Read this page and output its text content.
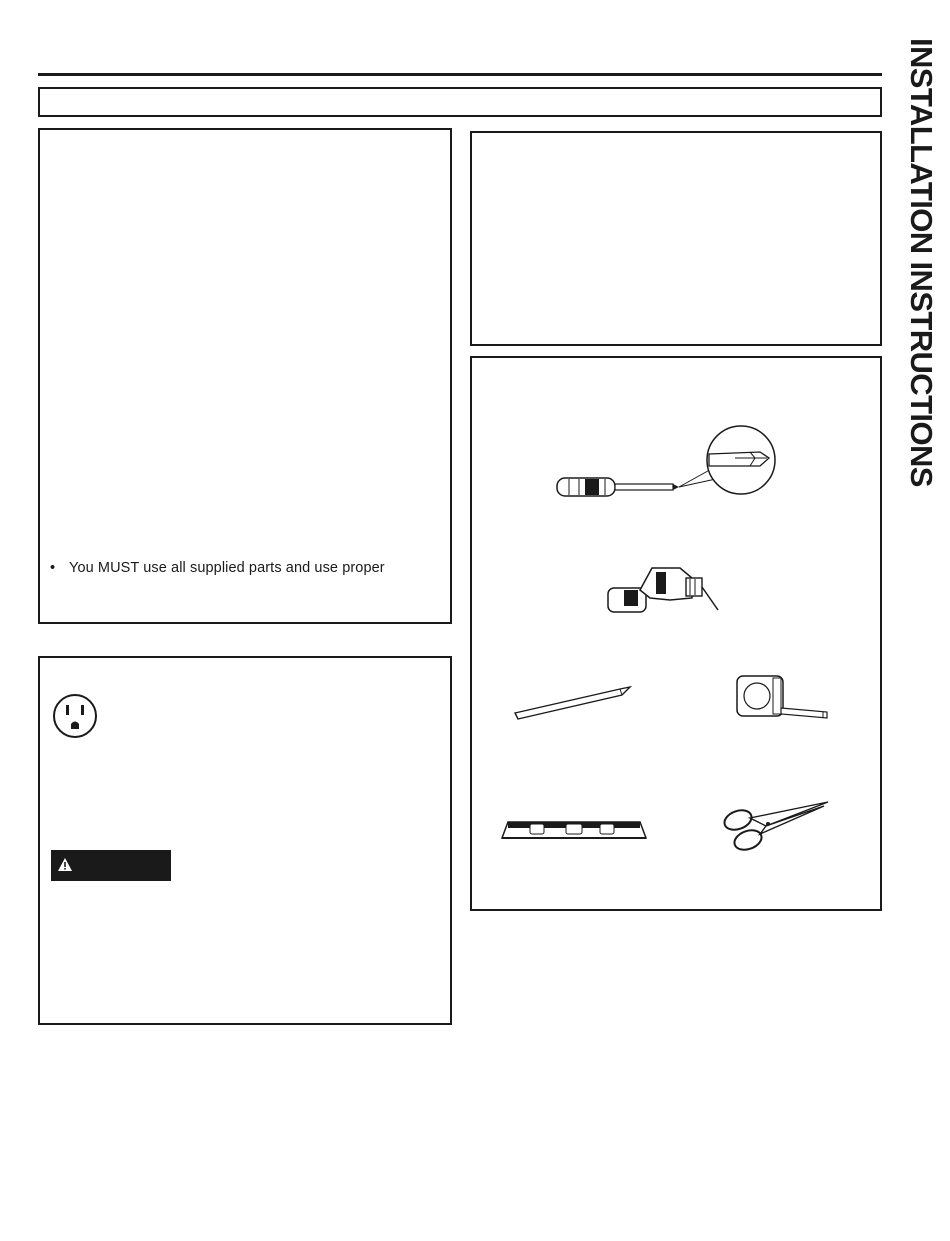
INSTALLATION INSTRUCTIONS
• You MUST use all supplied parts and use proper
